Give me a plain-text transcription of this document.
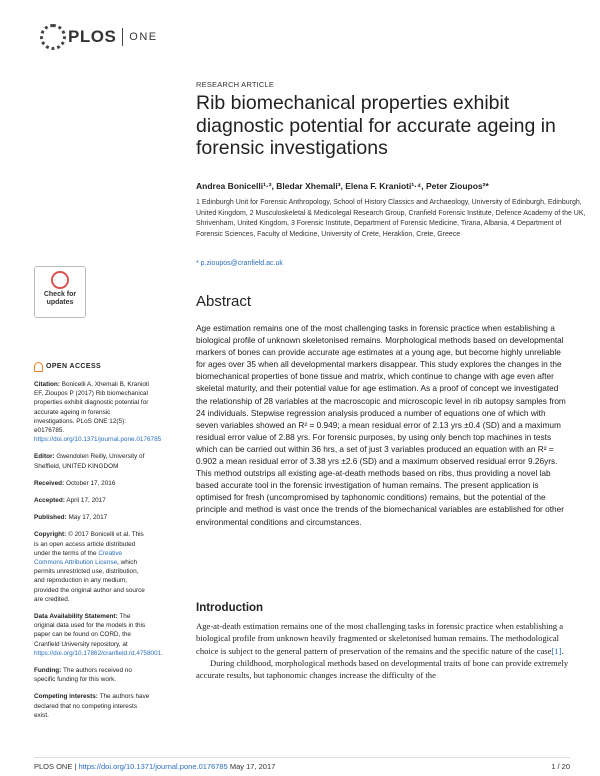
PLOS ONE
RESEARCH ARTICLE
Rib biomechanical properties exhibit diagnostic potential for accurate ageing in forensic investigations
Andrea Bonicelli¹·², Bledar Xhemali³, Elena F. Kranioti¹·⁴, Peter Zioupos²*
1 Edinburgh Unit for Forensic Anthropology, School of History Classics and Archaeology, University of Edinburgh, Edinburgh, United Kingdom, 2 Musculoskeletal & Medicolegal Research Group, Cranfield Forensic Institute, Defence Academy of the UK, Shrivenham, United Kingdom, 3 Forensic Institute, Department of Forensic Medicine, Tirana, Albania, 4 Department of Forensic Sciences, Faculty of Medicine, University of Crete, Heraklion, Crete, Greece
* p.zioupos@cranfield.ac.uk
Check for
updates	Abstract
Age estimation remains one of the most challenging tasks in forensic practice when establishing a biological profile of unknown skeletonised remains. Morphological methods based on developmental markers of bones can provide accurate age estimates at a young age, but become highly unreliable for ages over 35 when all developmental markers disappear. This study explores the changes in the biomechanical properties of bone tissue and matrix, which continue to change with age even after skeletal maturity, and their potential value for age estimation. As a proof of concept we investigated the relationship of 28 variables at the macroscopic and microscopic level in rib autopsy samples from 24 individuals. Stepwise regression analysis produced a number of equations one of which with seven variables showed an R² = 0.949; a mean residual error of 2.13 yrs ±0.4 (SD) and a maximum residual error value of 2.88 yrs. For forensic purposes, by using only bench top machines in tests which can be carried out within 36 hrs, a set of just 3 variables produced an equation with an R² = 0.902 a mean residual error of 3.38 yrs ±2.6 (SD) and a maximum observed residual error 9.26yrs. This method outstrips all existing age-at-death methods based on ribs, thus providing a novel lab based accurate tool in the forensic investigation of human remains. The present application is optimised for fresh (uncompromised by taphonomic conditions) remains, but the potential of the principle and method is vast once the trends of the biomechanical variables are established for other environmental conditions and circumstances.
OPEN ACCESS

Citation: Bonicelli A, Xhemali B, Kranioti EF, Zioupos P (2017) Rib biomechanical properties exhibit diagnostic potential for accurate ageing in forensic investigations. PLoS ONE 12(5): e0176785. https://doi.org/10.1371/journal.pone.0176785

Editor: Gwendolen Reilly, University of Sheffield, UNITED KINGDOM

Received: October 17, 2016

Accepted: April 17, 2017

Published: May 17, 2017

Copyright: © 2017 Bonicelli et al. This is an open access article distributed under the terms of the Creative Commons Attribution License, which permits unrestricted use, distribution, and reproduction in any medium, provided the original author and source are credited.

Data Availability Statement: The original data used for the models in this paper can be found on CORD, the Cranfield University repository, at https://doi.org/10.17862/cranfield.rd.4758001.

Funding: The authors received no specific funding for this work.

Competing interests: The authors have declared that no competing interests exist.

Introduction

Age-at-death estimation remains one of the most challenging tasks in forensic practice when establishing a biological profile from unknown heavily fragmented or skeletonised human remains. The methodological choice is subject to the general pattern of preservation of the remains and the specific nature of the case[1].

During childhood, morphological methods based on developmental traits of bone can provide extremely accurate results, but taphonomic changes increase the difficulty of the

PLOS ONE | https://doi.org/10.1371/journal.pone.0176785 May 17, 2017	1 / 20
